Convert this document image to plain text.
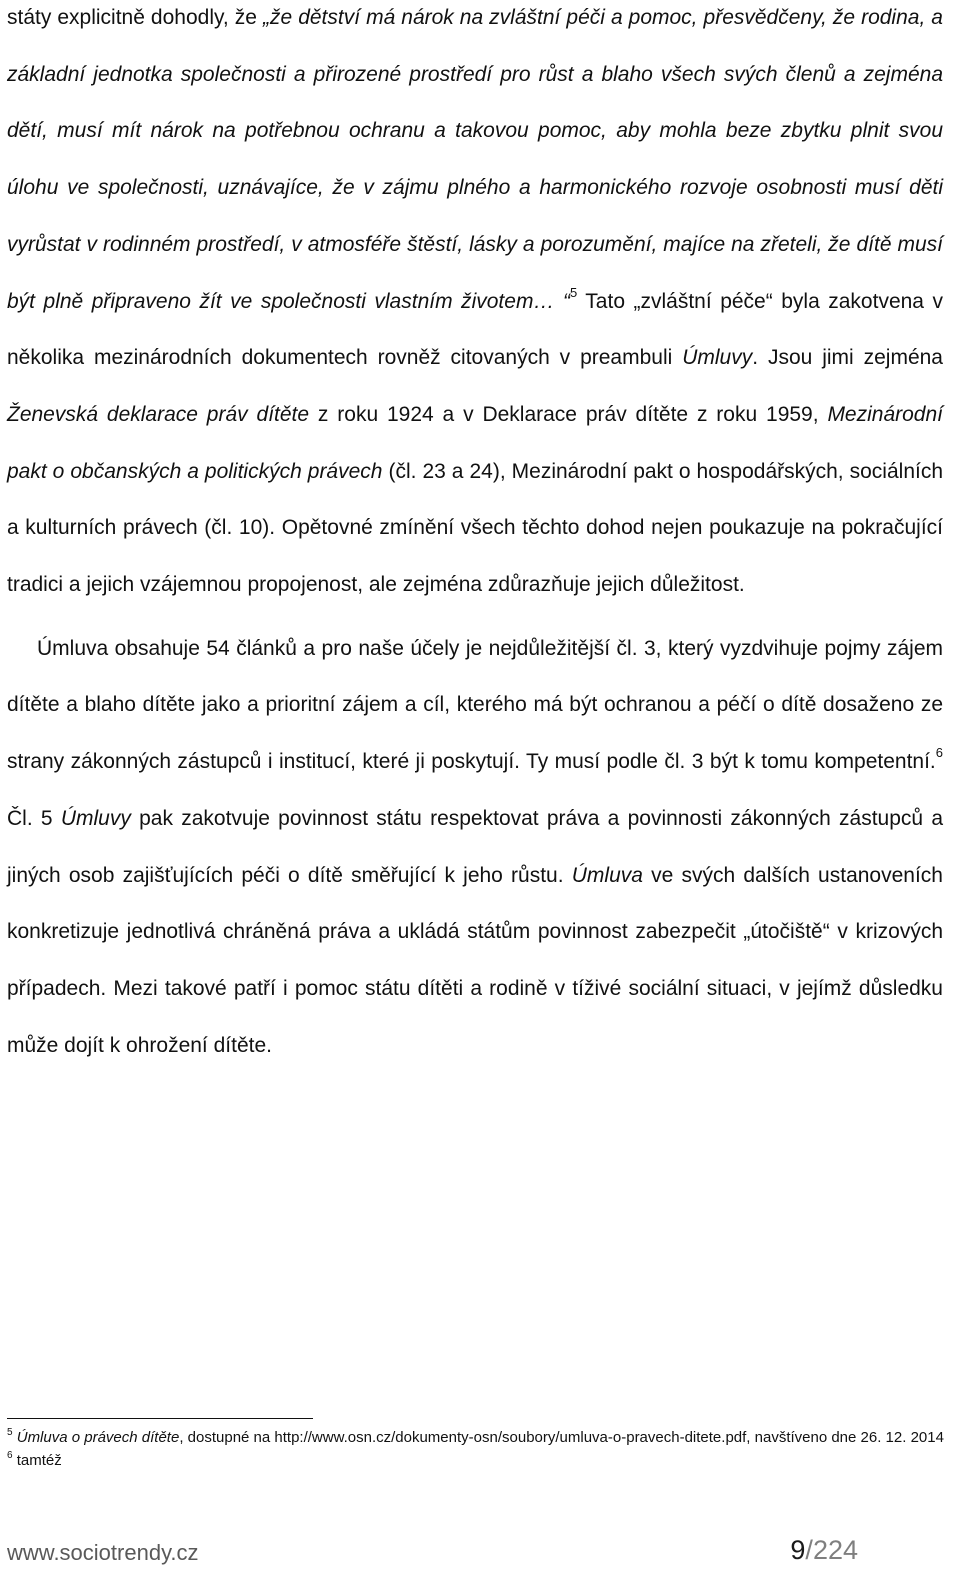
státy explicitně dohodly, že „že dětství má nárok na zvláštní péči a pomoc, přesvědčeny, že rodina, a základní jednotka společnosti a přirozené prostředí pro růst a blaho všech svých členů a zejména dětí, musí mít nárok na potřebnou ochranu a takovou pomoc, aby mohla beze zbytku plnit svou úlohu ve společnosti, uznávajíce, že v zájmu plného a harmonického rozvoje osobnosti musí děti vyrůstat v rodinném prostředí, v atmosféře štěstí, lásky a porozumění, majíce na zřeteli, že dítě musí být plně připraveno žít ve společnosti vlastním životem… “$^5$ Tato „zvláštní péče“ byla zakotvena v několika mezinárodních dokumentech rovněž citovaných v preambuli Úmluvy. Jsou jimi zejména Ženevská deklarace práv dítěte z roku 1924 a v Deklarace práv dítěte z roku 1959, Mezinárodní pakt o občanských a politických právech (čl. 23 a 24), Mezinárodní pakt o hospodářských, sociálních a kulturních právech (čl. 10). Opětovné zmínění všech těchto dohod nejen poukazuje na pokračující tradici a jejich vzájemnou propojenost, ale zejména zdůrazňuje jejich důležitost.

Úmluva obsahuje 54 článků a pro naše účely je nejdůležitější čl. 3, který vyzdvihuje pojmy zájem dítěte a blaho dítěte jako a prioritní zájem a cíl, kterého má být ochranou a péčí o dítě dosaženo ze strany zákonných zástupců i institucí, které ji poskytují. Ty musí podle čl. 3 být k tomu kompetentní.$^6$ Čl. 5 Úmluvy pak zakotvuje povinnost státu respektovat práva a povinnosti zákonných zástupců a jiných osob zajišťujících péči o dítě směřující k jeho růstu. Úmluva ve svých dalších ustanoveních konkretizuje jednotlivá chráněná práva a ukládá státům povinnost zabezpečit „útočiště“ v krizových případech. Mezi takové patří i pomoc státu dítěti a rodině v tíživé sociální situaci, v jejímž důsledku může dojít k ohrožení dítěte.

$^5$ Úmluva o právech dítěte, dostupné na http://www.osn.cz/dokumenty-osn/soubory/umluva-o-pravech-ditete.pdf, navštíveno dne 26. 12. 2014

$^6$ tamtéž

www.sociotrendy.cz	9/224
